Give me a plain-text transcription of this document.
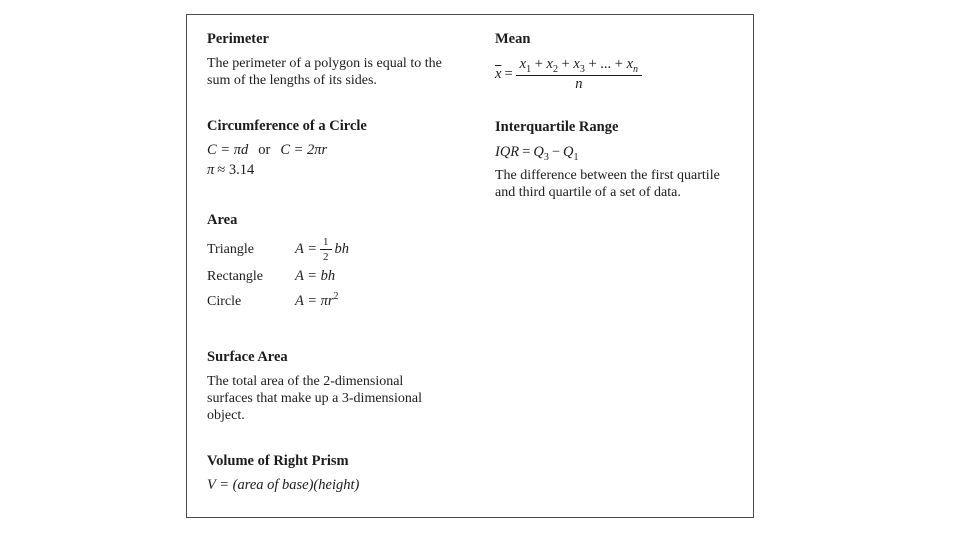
Perimeter

The perimeter of a polygon is equal to the
sum of the lengths of its sides.

Circumference of a Circle
C = πd or C = 2πr
π ≈ 3.14
Area
Triangle	$A = \frac{1}{2}$ bh
Rectangle	A = bh
Circle	$A = \pi r^2$
Surface Area

The total area of the 2-dimensional
surfaces that make up a 3-dimensional
object.

Volume of Right Prism
V = (area of base)(height)
Mean
$\overline{x}$ =
$x_1 + x_2 + x_3$ + ... + $x_n$
n
Interquartile Range
IQR = $Q_3 - Q_1$

The difference between the first quartile
and third quartile of a set of data.
